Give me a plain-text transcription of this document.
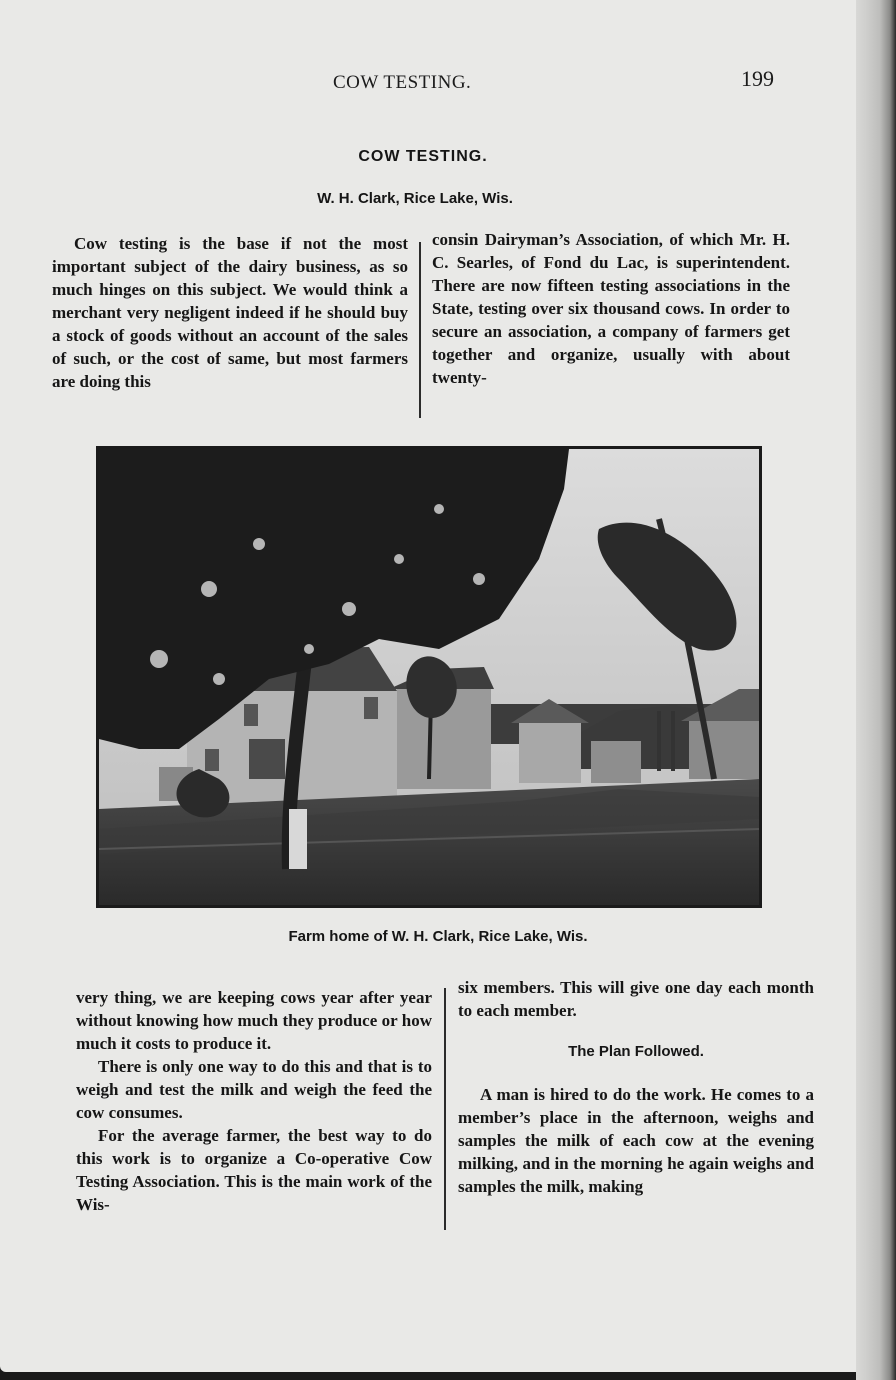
COW TESTING.	199
COW TESTING.
W. H. Clark, Rice Lake, Wis.

Cow testing is the base if not the most important subject of the dairy business, as so much hinges on this subject. We would think a merchant very negligent indeed if he should buy a stock of goods without an account of the sales of such, or the cost of same, but most farmers are doing this

consin Dairyman’s Association, of which Mr. H. C. Searles, of Fond du Lac, is superintendent. There are now fifteen testing associations in the State, testing over six thousand cows. In order to secure an association, a company of farmers get together and organize, usually with about twenty-

Farm home of W. H. Clark, Rice Lake, Wis.

very thing, we are keeping cows year after year without knowing how much they produce or how much it costs to produce it.

There is only one way to do this and that is to weigh and test the milk and weigh the feed the cow consumes.

For the average farmer, the best way to do this work is to organize a Co-operative Cow Testing Association. This is the main work of the Wis-

six members. This will give one day each month to each member.

The Plan Followed.

A man is hired to do the work. He comes to a member’s place in the afternoon, weighs and samples the milk of each cow at the evening milking, and in the morning he again weighs and samples the milk, making
